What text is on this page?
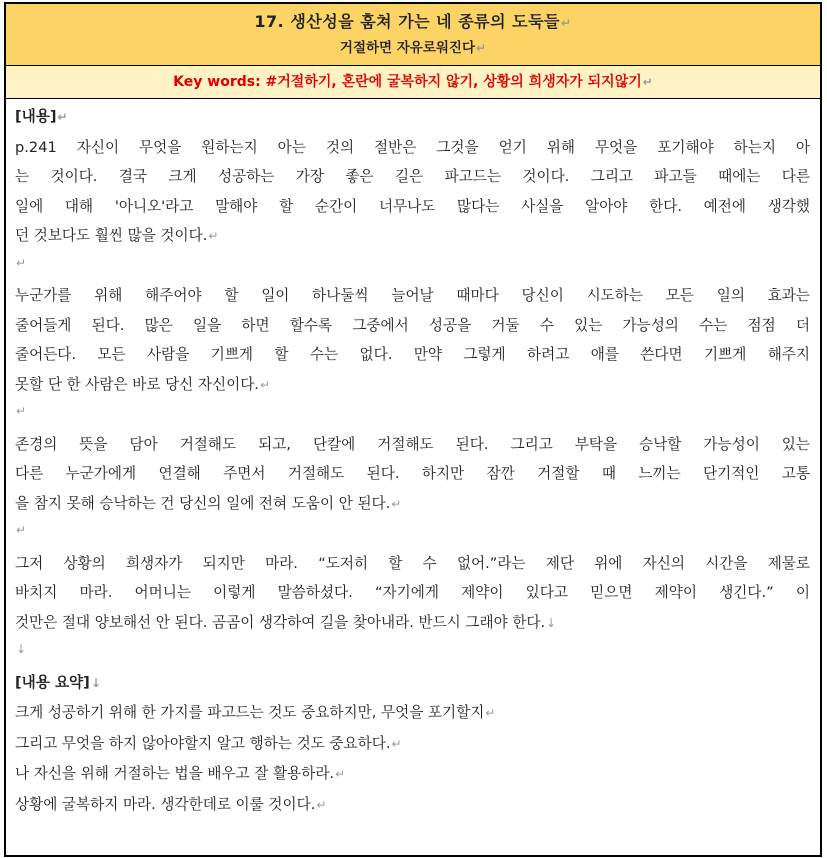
17. 생산성을 훔쳐 가는 네 종류의 도둑들↵
거절하면 자유로워진다↵
Key words: #거절하기, 혼란에 굴복하지 않기, 상황의 희생자가 되지않기↵
[내용]↵
p.241 자신이 무엇을 원하는지 아는 것의 절반은 그것을 얻기 위해 무엇을 포기해야 하는지 아
는 것이다. 결국 크게 성공하는 가장 좋은 길은 파고드는 것이다. 그리고 파고들 때에는 다른
일에 대해 '아니오'라고 말해야 할 순간이 너무나도 많다는 사실을 알아야 한다. 예전에 생각했
던 것보다도 훨씬 많을 것이다.↵
↵
누군가를 위해 해주어야 할 일이 하나둘씩 늘어날 때마다 당신이 시도하는 모든 일의 효과는
줄어들게 된다. 많은 일을 하면 할수록 그중에서 성공을 거둘 수 있는 가능성의 수는 점점 더
줄어든다. 모든 사람을 기쁘게 할 수는 없다. 만약 그렇게 하려고 애를 쓴다면 기쁘게 해주지
못할 단 한 사람은 바로 당신 자신이다.↵
↵
존경의 뜻을 담아 거절해도 되고, 단칼에 거절해도 된다. 그리고 부탁을 승낙할 가능성이 있는
다른 누군가에게 연결해 주면서 거절해도 된다. 하지만 잠깐 거절할 때 느끼는 단기적인 고통
을 참지 못해 승낙하는 건 당신의 일에 전혀 도움이 안 된다.↵
↵
그저 상황의 희생자가 되지만 마라. “도저히 할 수 없어.”라는 제단 위에 자신의 시간을 제물로
바치지 마라. 어머니는 이렇게 말씀하셨다. “자기에게 제약이 있다고 믿으면 제약이 생긴다.” 이
것만은 절대 양보해선 안 된다. 곰곰이 생각하여 길을 찾아내라. 반드시 그래야 한다.↓
↓
[내용 요약]↓
크게 성공하기 위해 한 가지를 파고드는 것도 중요하지만, 무엇을 포기할지↵
그리고 무엇을 하지 않아야할지 알고 행하는 것도 중요하다.↵
나 자신을 위해 거절하는 법을 배우고 잘 활용하라.↵
상황에 굴복하지 마라. 생각한데로 이룰 것이다.↵
